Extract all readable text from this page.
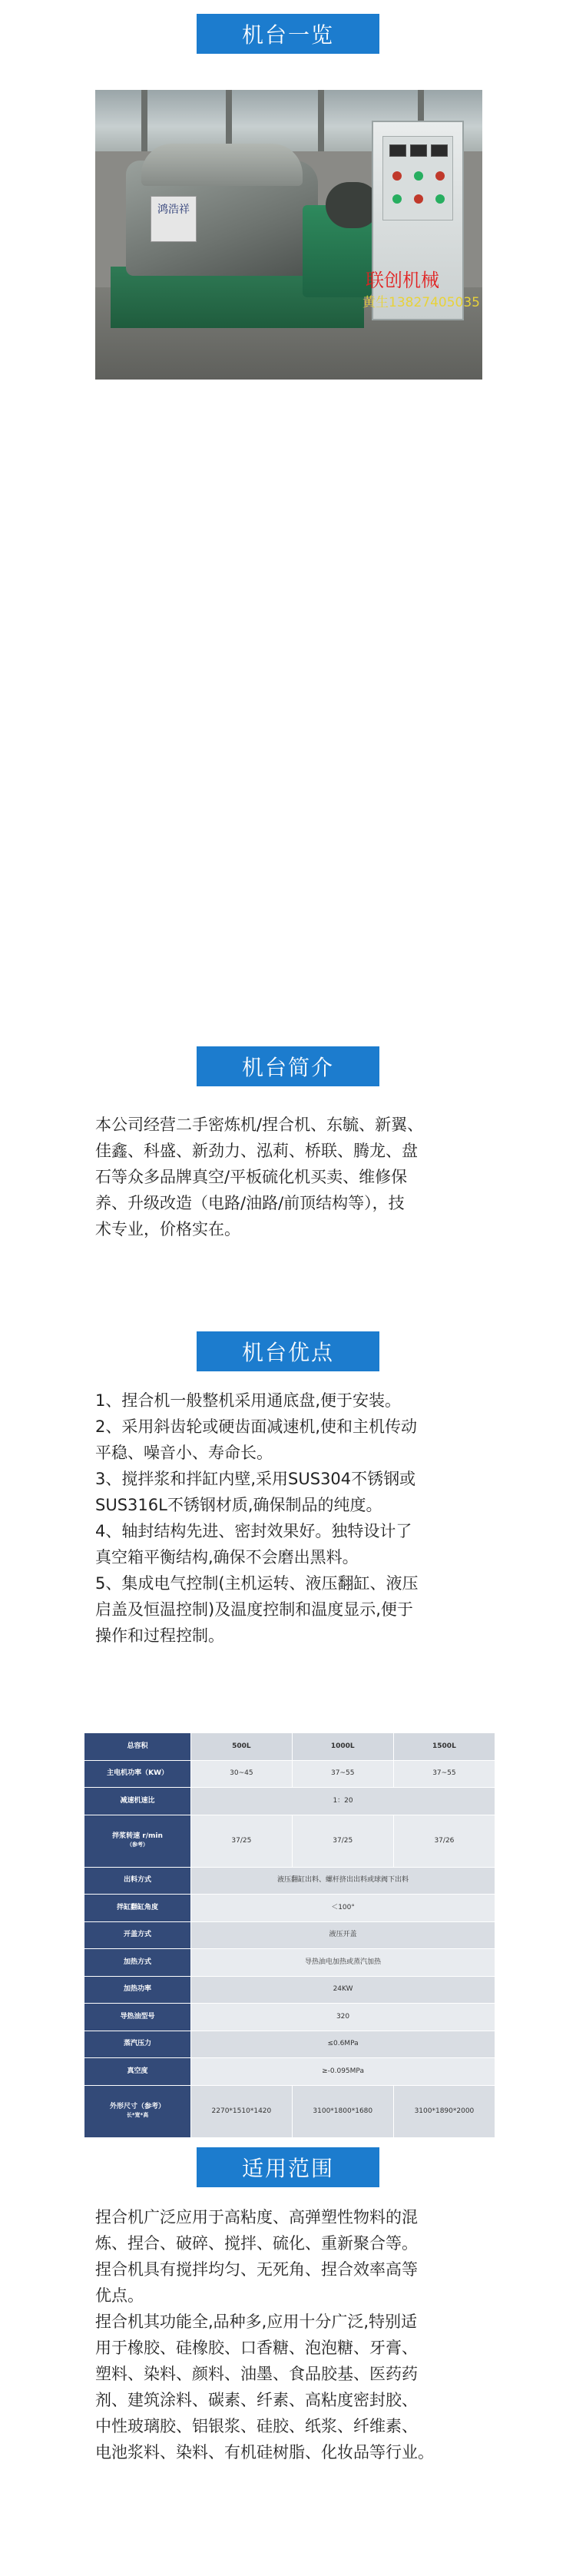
机台一览
鸿浩祥
联创机械
黄生13827405035
机台简介

本公司经营二手密炼机/捏合机、东毓、新翼、

佳鑫、科盛、新劲力、泓莉、桥联、腾龙、盘

石等众多品牌真空/平板硫化机买卖、维修保

养、升级改造（电路/油路/前顶结构等），技

术专业，价格实在。

机台优点

1、捏合机一般整机采用通底盘,便于安装。

2、采用斜齿轮或硬齿面减速机,使和主机传动

平稳、噪音小、寿命长。

3、搅拌浆和拌缸内壁,采用SUS304不锈钢或

SUS316L不锈钢材质,确保制品的纯度。

4、轴封结构先进、密封效果好。独特设计了

真空箱平衡结构,确保不会磨出黑料。

5、集成电气控制(主机运转、液压翻缸、液压

启盖及恒温控制)及温度控制和温度显示,便于

操作和过程控制。

总容积	500L	1000L	1500L
主电机功率（KW）	30~45	37~55	37~55
减速机速比	1：20		
拌浆转速 r/min
（参考）	37/25	37/25	37/26
出料方式	液压翻缸出料、螺杆挤出出料或球阀下出料		
拌缸翻缸角度	＜100°		
开盖方式	液压开盖		
加热方式	导热油电加热或蒸汽加热		
加热功率	24KW		
导热油型号	320		
蒸汽压力	≤0.6MPa		
真空度	≥-0.095MPa		
外形尺寸（参考）
长*宽*高	2270*1510*1420	3100*1800*1680	3100*1890*2000
适用范围

捏合机广泛应用于高粘度、高弹塑性物料的混

炼、捏合、破碎、搅拌、硫化、重新聚合等。

捏合机具有搅拌均匀、无死角、捏合效率高等

优点。

捏合机其功能全,品种多,应用十分广泛,特别适

用于橡胶、硅橡胶、口香糖、泡泡糖、牙膏、

塑料、染料、颜料、油墨、食品胶基、医药药

剂、建筑涂料、碳素、纤素、高粘度密封胶、

中性玻璃胶、铝银浆、硅胶、纸浆、纤维素、

电池浆料、染料、有机硅树脂、化妆品等行业。
